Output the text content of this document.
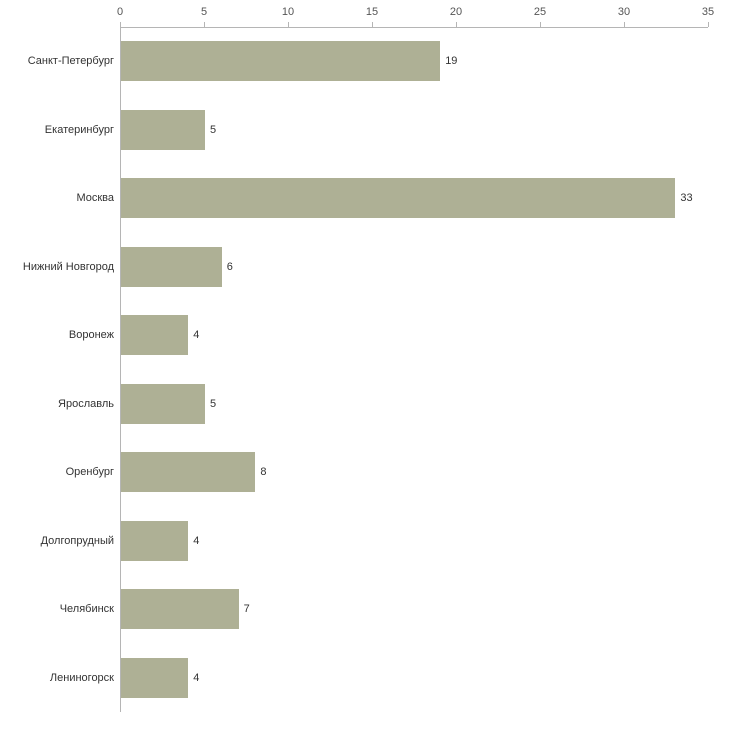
Санкт-Петербург
Екатеринбург
Москва
Нижний Новгород
Воронеж
Ярославль
Оренбург
Долгопрудный
Челябинск
Лениногорск
0	5	10	15	20	25	30	35
19
5
33
6
4
5
8
4
7
4
